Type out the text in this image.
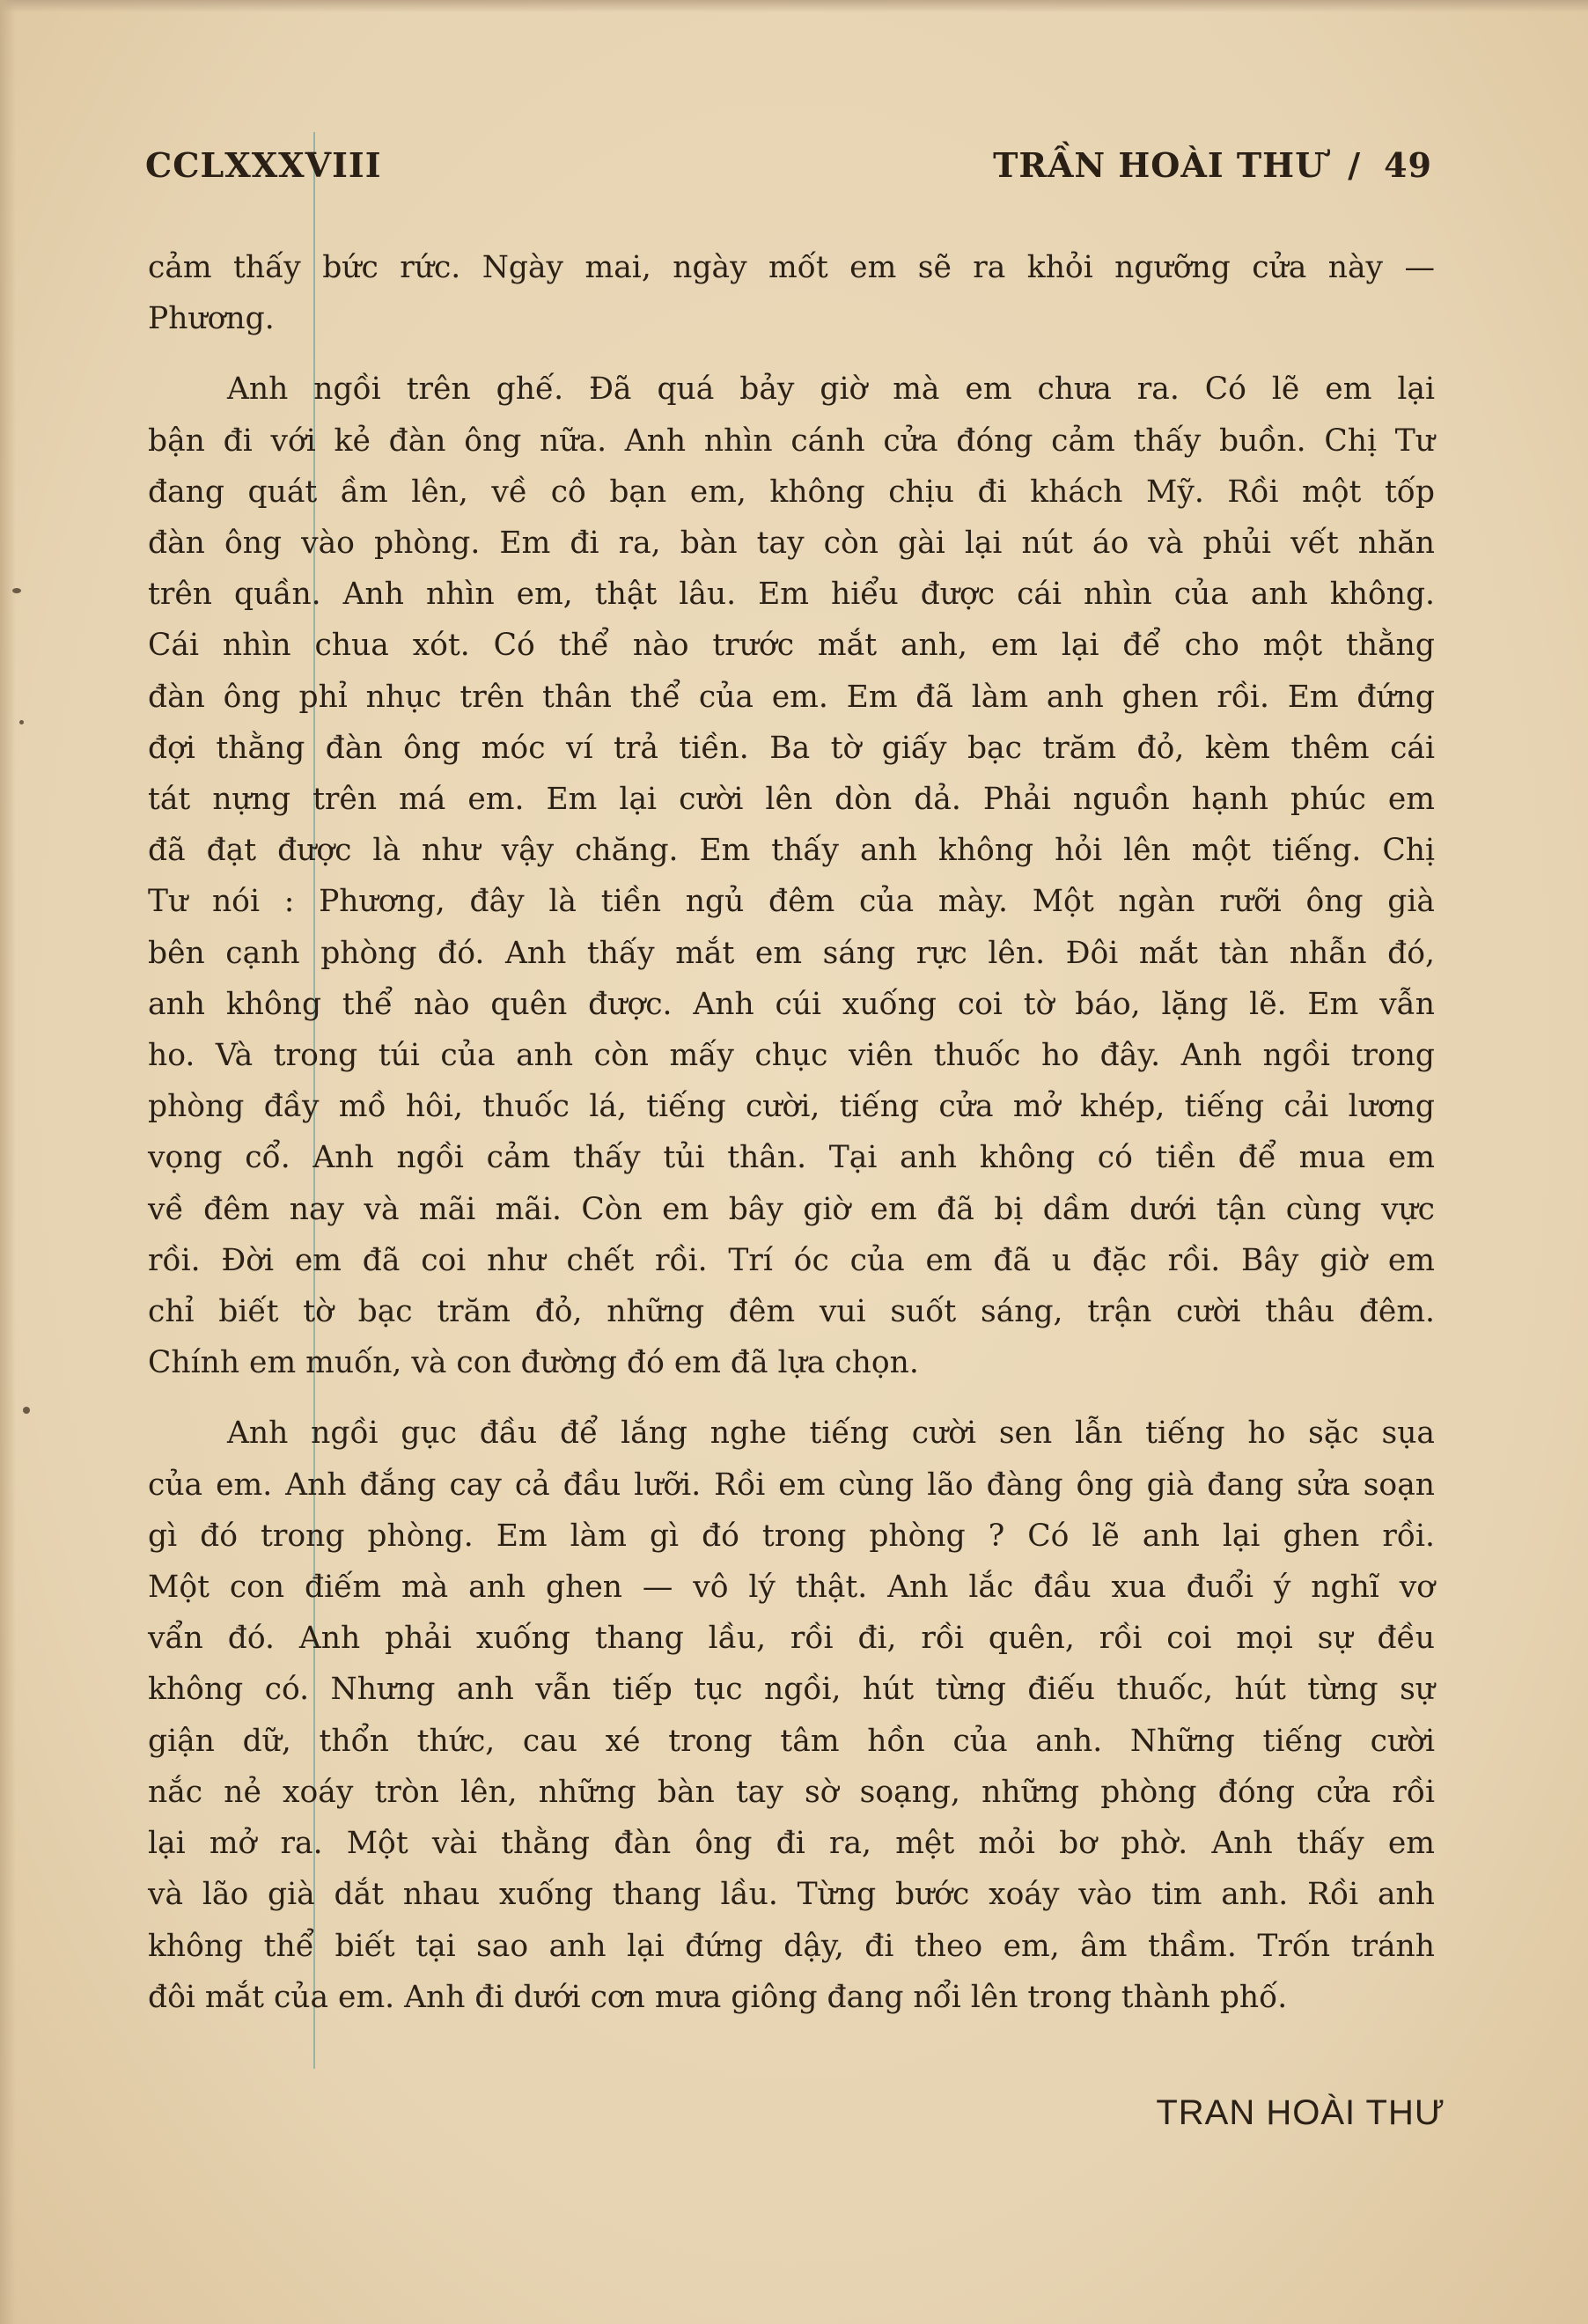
CCLXXXVIII	TRẦN HOÀI THƯ / 49

cảm thấy bức rức. Ngày mai, ngày mốt em sẽ ra khỏi ngưỡng cửa này —
Phương.

Anh ngồi trên ghế. Đã quá bảy giờ mà em chưa ra. Có lẽ em lại
bận đi với kẻ đàn ông nữa. Anh nhìn cánh cửa đóng cảm thấy buồn. Chị Tư
đang quát ầm lên, về cô bạn em, không chịu đi khách Mỹ. Rồi một tốp
đàn ông vào phòng. Em đi ra, bàn tay còn gài lại nút áo và phủi vết nhăn
trên quần. Anh nhìn em, thật lâu. Em hiểu được cái nhìn của anh không.
Cái nhìn chua xót. Có thể nào trước mắt anh, em lại để cho một thằng
đàn ông phỉ nhục trên thân thể của em. Em đã làm anh ghen rồi. Em đứng
đợi thằng đàn ông móc ví trả tiền. Ba tờ giấy bạc trăm đỏ, kèm thêm cái
tát nựng trên má em. Em lại cười lên dòn dả. Phải nguồn hạnh phúc em
đã đạt được là như vậy chăng. Em thấy anh không hỏi lên một tiếng. Chị
Tư nói : Phương, đây là tiền ngủ đêm của mày. Một ngàn rưỡi ông già
bên cạnh phòng đó. Anh thấy mắt em sáng rực lên. Đôi mắt tàn nhẫn đó,
anh không thể nào quên được. Anh cúi xuống coi tờ báo, lặng lẽ. Em vẫn
ho. Và trong túi của anh còn mấy chục viên thuốc ho đây. Anh ngồi trong
phòng đầy mồ hôi, thuốc lá, tiếng cười, tiếng cửa mở khép, tiếng cải lương
vọng cổ. Anh ngồi cảm thấy tủi thân. Tại anh không có tiền để mua em
về đêm nay và mãi mãi. Còn em bây giờ em đã bị dầm dưới tận cùng vực
rồi. Đời em đã coi như chết rồi. Trí óc của em đã u đặc rồi. Bây giờ em
chỉ biết tờ bạc trăm đỏ, những đêm vui suốt sáng, trận cười thâu đêm.
Chính em muốn, và con đường đó em đã lựa chọn.

Anh ngồi gục đầu để lắng nghe tiếng cười sen lẫn tiếng ho sặc sụa
của em. Anh đắng cay cả đầu lưỡi. Rồi em cùng lão đàng ông già đang sửa soạn
gì đó trong phòng. Em làm gì đó trong phòng ? Có lẽ anh lại ghen rồi.
Một con điếm mà anh ghen — vô lý thật. Anh lắc đầu xua đuổi ý nghĩ vơ
vẩn đó. Anh phải xuống thang lầu, rồi đi, rồi quên, rồi coi mọi sự đều
không có. Nhưng anh vẫn tiếp tục ngồi, hút từng điếu thuốc, hút từng sự
giận dữ, thổn thức, cau xé trong tâm hồn của anh. Những tiếng cười
nắc nẻ xoáy tròn lên, những bàn tay sờ soạng, những phòng đóng cửa rồi
lại mở ra. Một vài thằng đàn ông đi ra, mệt mỏi bơ phờ. Anh thấy em
và lão già dắt nhau xuống thang lầu. Từng bước xoáy vào tim anh. Rồi anh
không thể biết tại sao anh lại đứng dậy, đi theo em, âm thầm. Trốn tránh
đôi mắt của em. Anh đi dưới cơn mưa giông đang nổi lên trong thành phố.

TRAN HOÀI THƯ
